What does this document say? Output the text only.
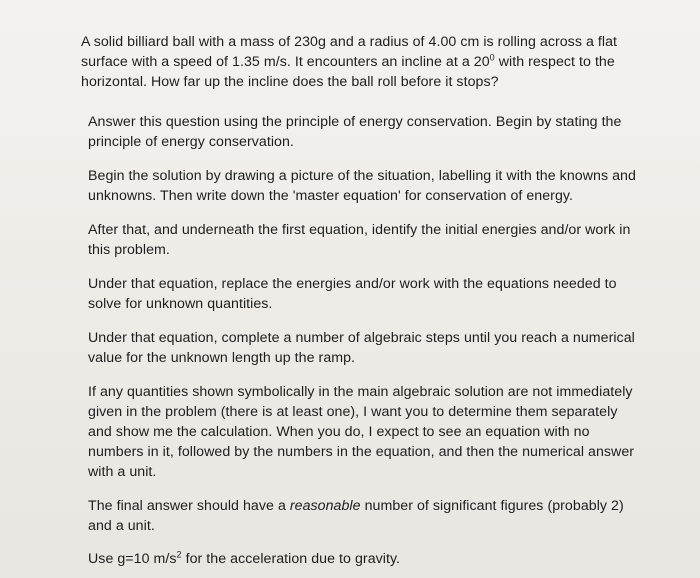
A solid billiard ball with a mass of 230g and a radius of 4.00 cm is rolling across a flat surface with a speed of 1.35 m/s. It encounters an incline at a $20^0$ with respect to the horizontal. How far up the incline does the ball roll before it stops?

Answer this question using the principle of energy conservation. Begin by stating the principle of energy conservation.

Begin the solution by drawing a picture of the situation, labelling it with the knowns and unknowns. Then write down the 'master equation' for conservation of energy.

After that, and underneath the first equation, identify the initial energies and/or work in this problem.

Under that equation, replace the energies and/or work with the equations needed to solve for unknown quantities.

Under that equation, complete a number of algebraic steps until you reach a numerical value for the unknown length up the ramp.

If any quantities shown symbolically in the main algebraic solution are not immediately given in the problem (there is at least one), I want you to determine them separately and show me the calculation. When you do, I expect to see an equation with no numbers in it, followed by the numbers in the equation, and then the numerical answer with a unit.

The final answer should have a reasonable number of significant figures (probably 2) and a unit.

Use g=10 $m/s^2$ for the acceleration due to gravity.
